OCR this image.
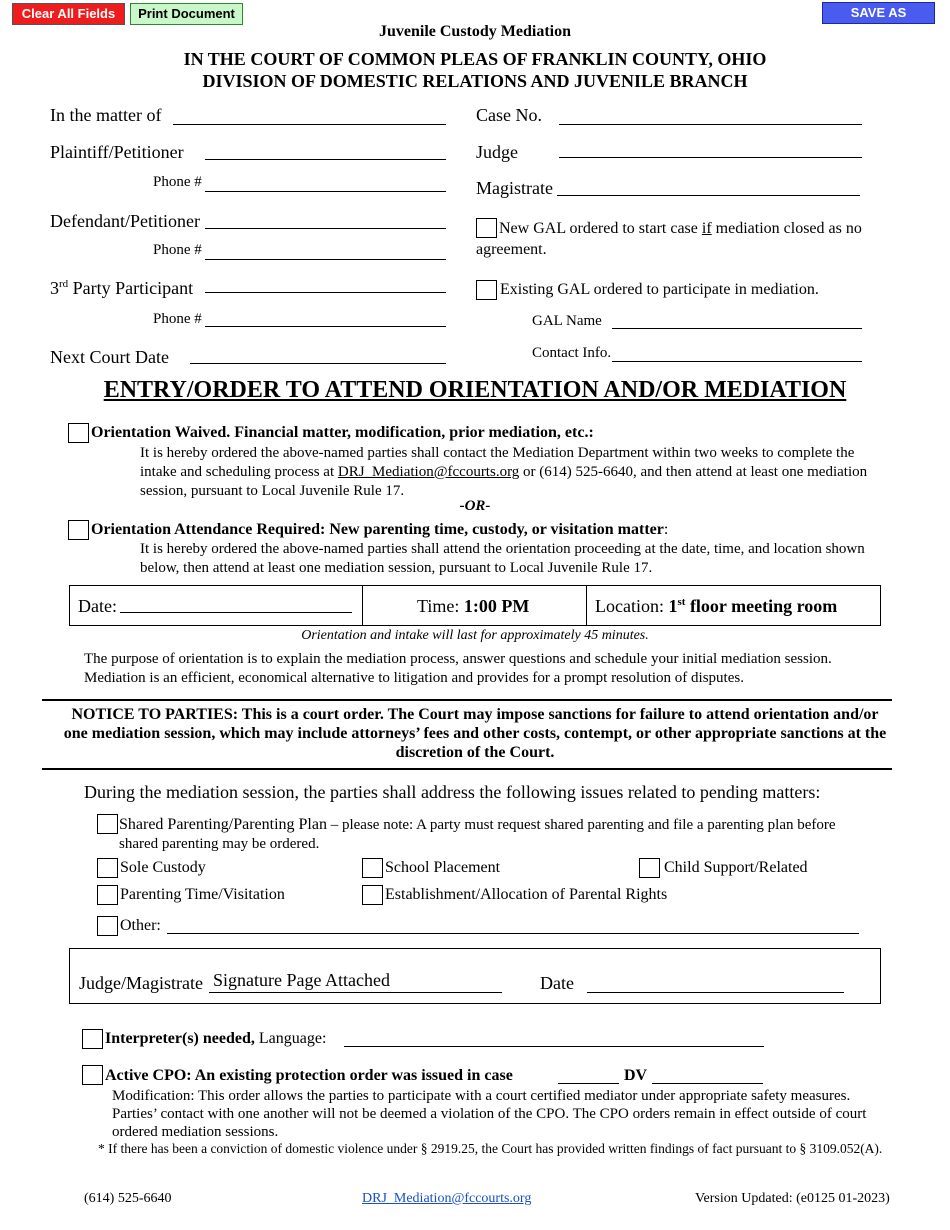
Clear All Fields	Print Document	SAVE AS
Juvenile Custody Mediation
IN THE COURT OF COMMON PLEAS OF FRANKLIN COUNTY, OHIO
DIVISION OF DOMESTIC RELATIONS AND JUVENILE BRANCH
In the matter of
Plaintiff/Petitioner
Phone #
Defendant/Petitioner
Phone #
3rd Party Participant
Phone #
Next Court Date
Case No.
Judge
Magistrate
New GAL ordered to start case if mediation closed as no agreement.
Existing GAL ordered to participate in mediation.
GAL Name
Contact Info.
ENTRY/ORDER TO ATTEND ORIENTATION AND/OR MEDIATION
Orientation Waived. Financial matter, modification, prior mediation, etc.:
It is hereby ordered the above-named parties shall contact the Mediation Department within two weeks to complete the intake and scheduling process at DRJ_Mediation@fccourts.org or (614) 525-6640, and then attend at least one mediation session, pursuant to Local Juvenile Rule 17.
-OR-
Orientation Attendance Required: New parenting time, custody, or visitation matter:
It is hereby ordered the above-named parties shall attend the orientation proceeding at the date, time, and location shown below, then attend at least one mediation session, pursuant to Local Juvenile Rule 17.
Date:	Time: 1:00 PM	Location: 1st floor meeting room
Orientation and intake will last for approximately 45 minutes.
The purpose of orientation is to explain the mediation process, answer questions and schedule your initial mediation session. Mediation is an efficient, economical alternative to litigation and provides for a prompt resolution of disputes.
NOTICE TO PARTIES: This is a court order. The Court may impose sanctions for failure to attend orientation and/or one mediation session, which may include attorneys’ fees and other costs, contempt, or other appropriate sanctions at the discretion of the Court.
During the mediation session, the parties shall address the following issues related to pending matters:
Shared Parenting/Parenting Plan – please note: A party must request shared parenting and file a parenting plan before shared parenting may be ordered.
Sole Custody	School Placement	Child Support/Related
Parenting Time/Visitation	Establishment/Allocation of Parental Rights
Other:
Judge/Magistrate Signature Page Attached	Date
Interpreter(s) needed, Language:
Active CPO: An existing protection order was issued in case	DV
Modification: This order allows the parties to participate with a court certified mediator under appropriate safety measures. Parties’ contact with one another will not be deemed a violation of the CPO. The CPO orders remain in effect outside of court ordered mediation sessions.
* If there has been a conviction of domestic violence under § 2919.25, the Court has provided written findings of fact pursuant to § 3109.052(A).
(614) 525-6640	DRJ_Mediation@fccourts.org	Version Updated: (e0125 01-2023)
